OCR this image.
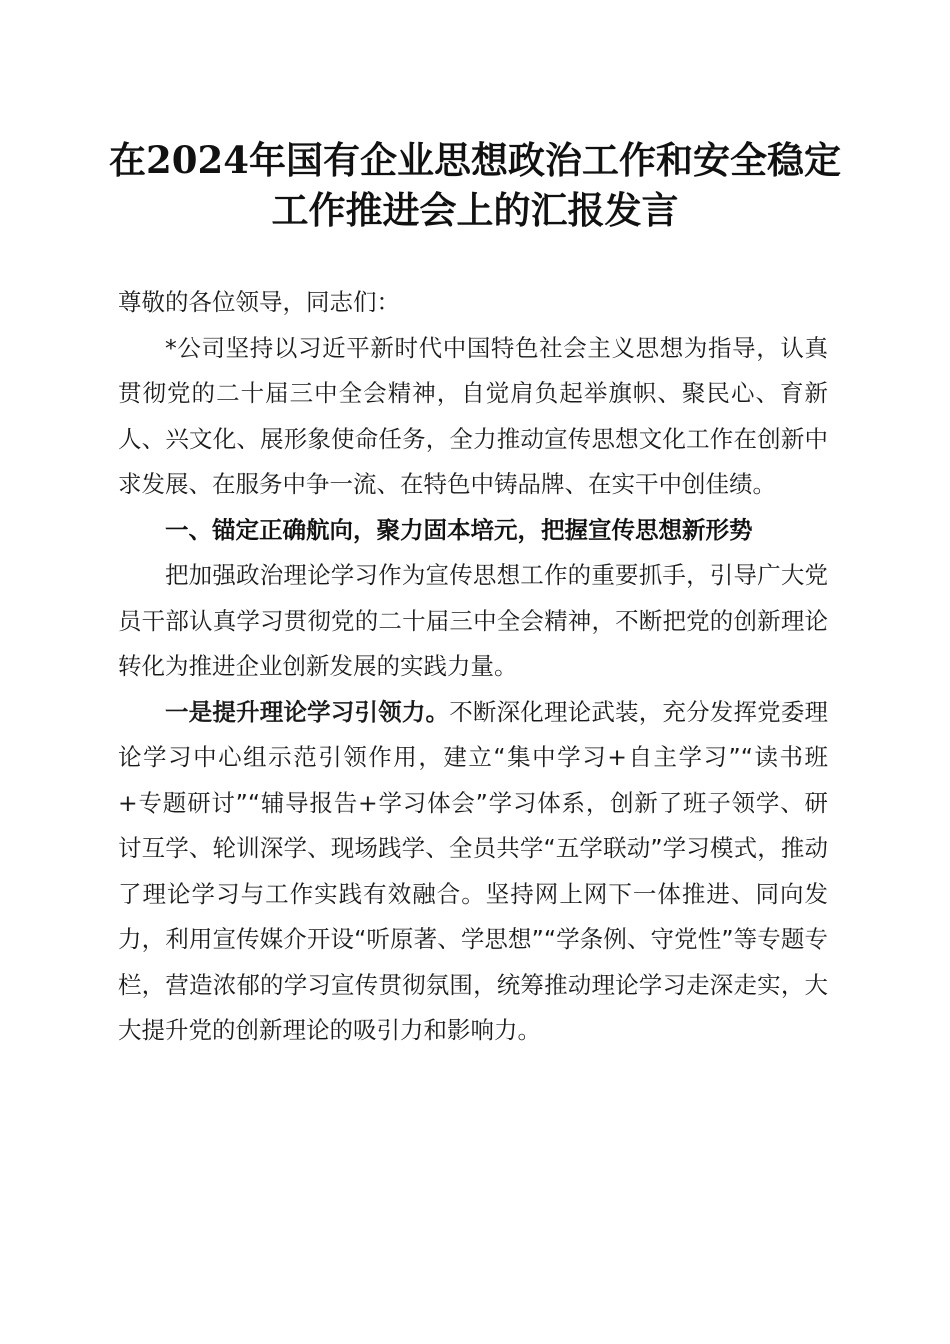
在2024年国有企业思想政治工作和安全稳定
工作推进会上的汇报发言

尊敬的各位领导，同志们：

*公司坚持以习近平新时代中国特色社会主义思想为指导，认真贯彻党的二十届三中全会精神，自觉肩负起举旗帜、聚民心、育新人、兴文化、展形象使命任务，全力推动宣传思想文化工作在创新中求发展、在服务中争一流、在特色中铸品牌、在实干中创佳绩。

一、锚定正确航向，聚力固本培元，把握宣传思想新形势

把加强政治理论学习作为宣传思想工作的重要抓手，引导广大党员干部认真学习贯彻党的二十届三中全会精神，不断把党的创新理论转化为推进企业创新发展的实践力量。

一是提升理论学习引领力。不断深化理论武装，充分发挥党委理论学习中心组示范引领作用，建立“集中学习+自主学习”“读书班+专题研讨”“辅导报告+学习体会”学习体系，创新了班子领学、研讨互学、轮训深学、现场践学、全员共学“五学联动”学习模式，推动了理论学习与工作实践有效融合。坚持网上网下一体推进、同向发力，利用宣传媒介开设“听原著、学思想”“学条例、守党性”等专题专栏，营造浓郁的学习宣传贯彻氛围，统筹推动理论学习走深走实，大大提升党的创新理论的吸引力和影响力。
